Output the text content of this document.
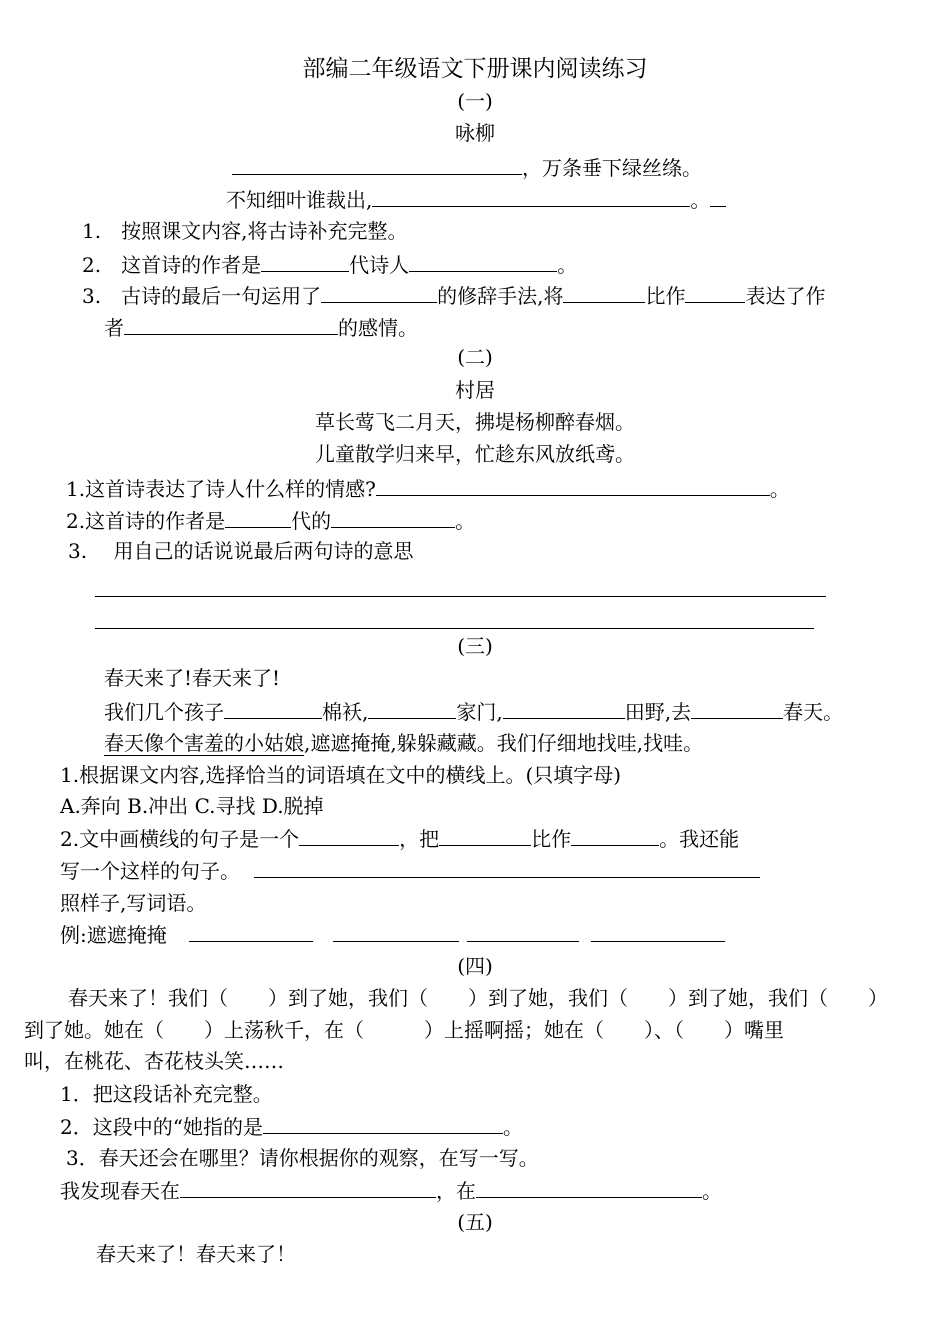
部编二年级语文下册课内阅读练习
(一)
咏柳
，万条垂下绿丝绦。
不知细叶谁裁出,	。
1.　按照课文内容,将古诗补充完整。
2.　这首诗的作者是	代诗人	。
3.　古诗的最后一句运用了	的修辞手法,将	比作	表达了作
者	的感情。
(二)
村居
草长莺飞二月天，拂堤杨柳醉春烟。
儿童散学归来早，忙趁东风放纸鸢。
1.这首诗表达了诗人什么样的情感?	。
2.这首诗的作者是	代的	。
3.　 用自己的话说说最后两句诗的意思
(三)
春天来了!春天来了!
我们几个孩子	棉袄,	家门,	田野,去	春天。
春天像个害羞的小姑娘,遮遮掩掩,躲躲藏藏。我们仔细地找哇,找哇。
1.根据课文内容,选择恰当的词语填在文中的横线上。(只填字母)
A.奔向 B.冲出 C.寻找 D.脱掉
2.文中画横线的句子是一个	，把	比作	。我还能
写一个这样的句子。
照样子,写词语。
例:遮遮掩掩
(四)
春天来了！我们（　　）到了她，我们（　　）到了她，我们（　　）到了她，我们（　　）
到了她。她在（　　）上荡秋千，在（　　　）上摇啊摇；她在（　　）、（　　）嘴里
叫，在桃花、杏花枝头笑……
1．把这段话补充完整。
2．这段中的“她指的是	。
3．春天还会在哪里？请你根据你的观察，在写一写。
我发现春天在	，在	。
(五)
春天来了！春天来了！
